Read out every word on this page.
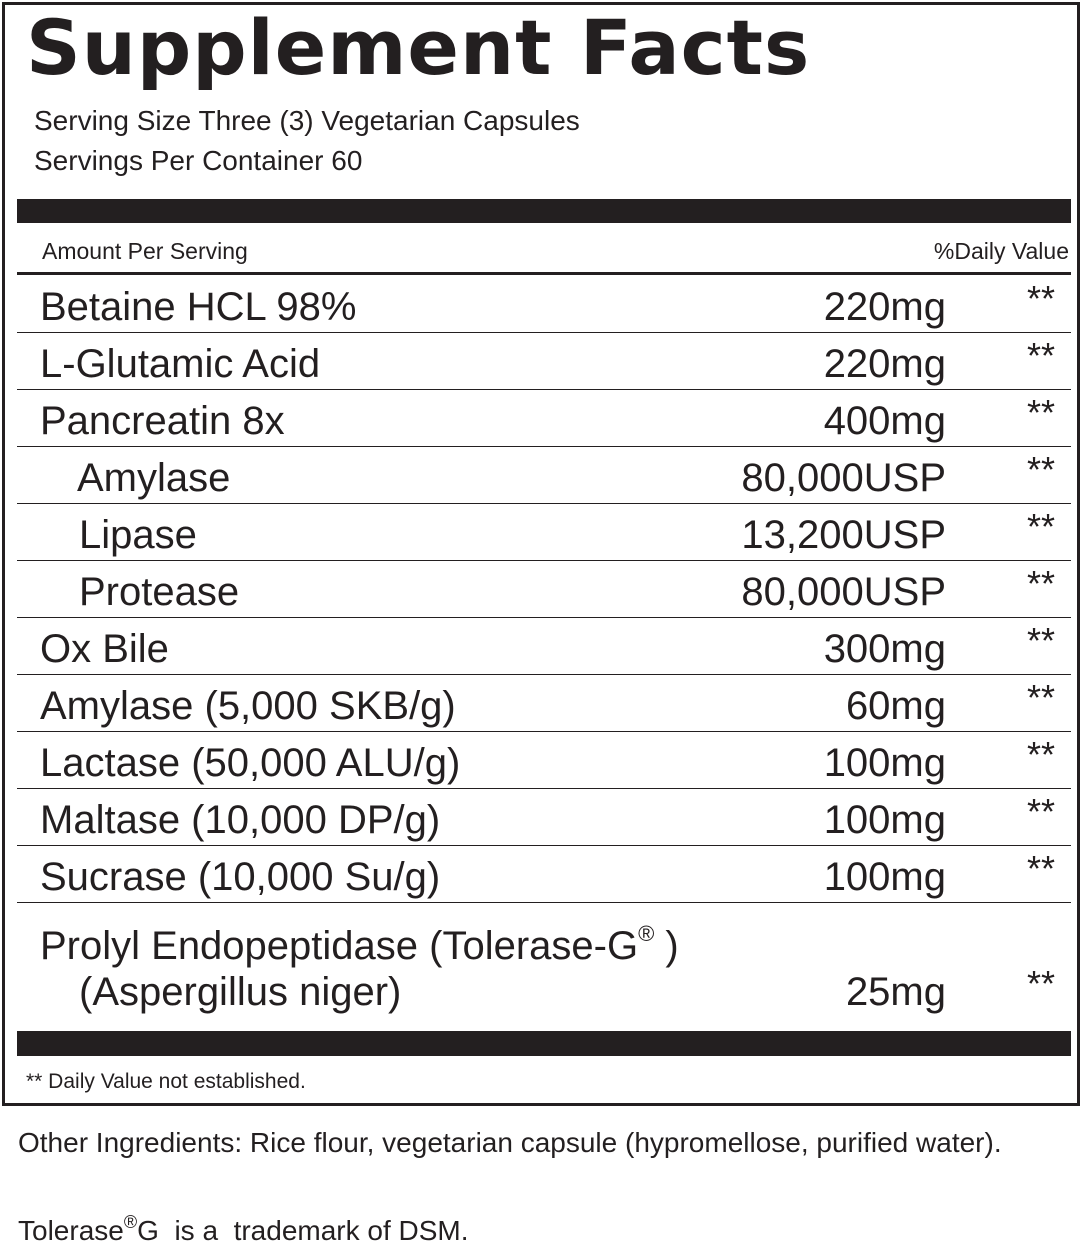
Supplement Facts
Serving Size Three (3) Vegetarian Capsules
Servings Per Container 60
Amount Per Serving	%Daily Value
Betaine HCL 98%	220mg **
L-Glutamic Acid	220mg **
Pancreatin 8x	400mg **
Amylase	80,000USP **
Lipase	13,200USP **
Protease	80,000USP **
Ox Bile	300mg **
Amylase (5,000 SKB/g)	60mg **
Lactase (50,000 ALU/g)	100mg **
Maltase (10,000 DP/g)	100mg **
Sucrase (10,000 Su/g)	100mg **
Prolyl Endopeptidase (Tolerase-G® )
(Aspergillus niger)	25mg **
** Daily Value not established.
Other Ingredients: Rice flour, vegetarian capsule (hypromellose, purified water).
Tolerase®G  is a  trademark of DSM.
